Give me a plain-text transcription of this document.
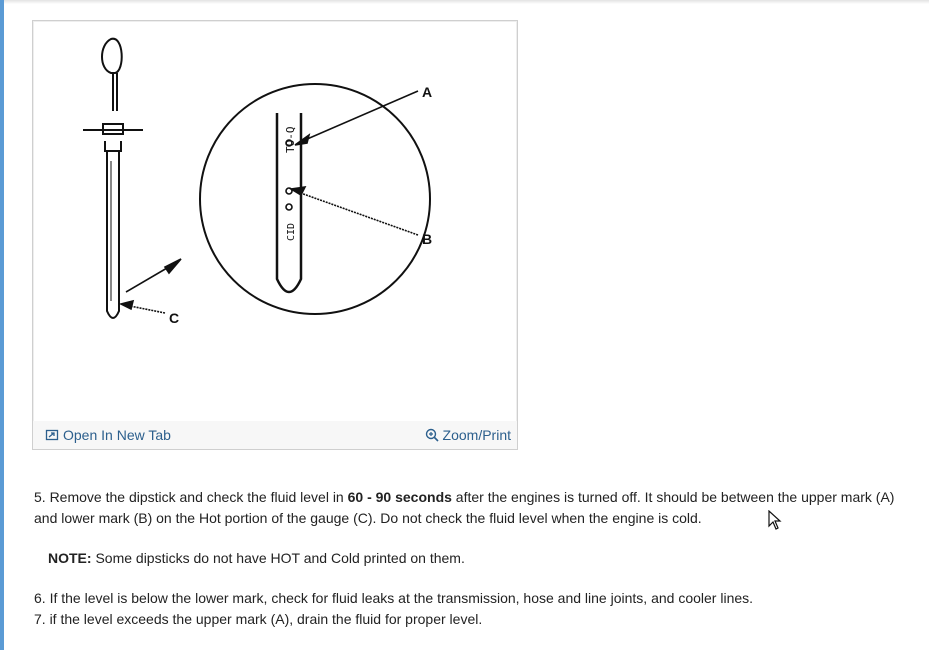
TO-Q
CID
A
B
C
Open In New Tab	Zoom/Print

5. Remove the dipstick and check the fluid level in 60 - 90 seconds after the engines is turned off. It should be between the upper mark (A) and lower mark (B) on the Hot portion of the gauge (C). Do not check the fluid level when the engine is cold.

NOTE: Some dipsticks do not have HOT and Cold printed on them.

6. If the level is below the lower mark, check for fluid leaks at the transmission, hose and line joints, and cooler lines.
7. if the level exceeds the upper mark (A), drain the fluid for proper level.
